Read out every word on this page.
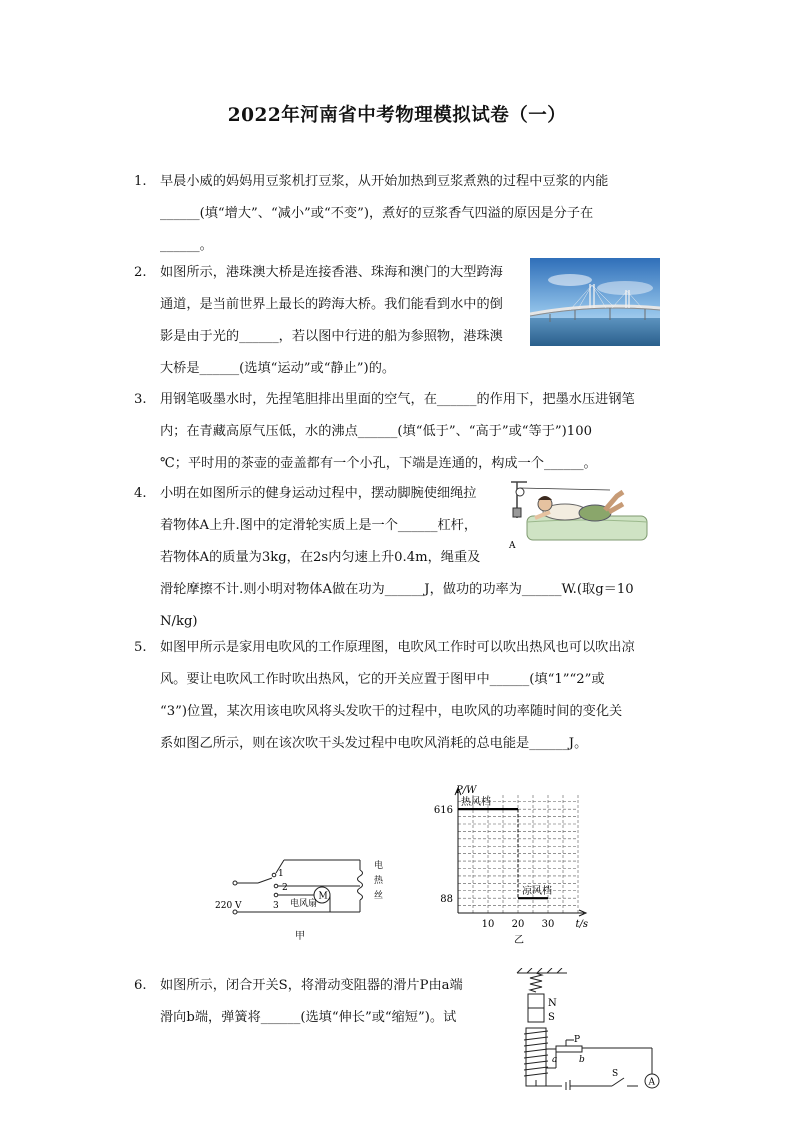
2022年河南省中考物理模拟试卷（一）
1. 早晨小威的妈妈用豆浆机打豆浆，从开始加热到豆浆煮熟的过程中豆浆的内能
______(填“增大”、“减小”或“不变”)，煮好的豆浆香气四溢的原因是分子在
______。
2. 如图所示，港珠澳大桥是连接香港、珠海和澳门的大型跨海
通道，是当前世界上最长的跨海大桥。我们能看到水中的倒
影是由于光的______，若以图中行进的船为参照物，港珠澳
大桥是______(选填“运动”或“静止”)的。
3. 用钢笔吸墨水时，先捏笔胆排出里面的空气，在______的作用下，把墨水压进钢笔
内；在青藏高原气压低，水的沸点______(填“低于”、“高于”或“等于”)100
℃；平时用的茶壶的壶盖都有一个小孔，下端是连通的，构成一个______。
4. 小明在如图所示的健身运动过程中，摆动脚腕使细绳拉
着物体A上升.图中的定滑轮实质上是一个______杠杆，
若物体A的质量为3kg，在2s内匀速上升0.4m，绳重及
滑轮摩擦不计.则小明对物体A做在功为______J，做功的功率为______W.(取g＝10
N/kg)
A
5. 如图甲所示是家用电吹风的工作原理图，电吹风工作时可以吹出热风也可以吹出凉
风。要让电吹风工作时吹出热风，它的开关应置于图甲中______(填“1”“2”或
“3”)位置，某次用该电吹风将头发吹干的过程中，电吹风的功率随时间的变化关
系如图乙所示，则在该次吹干头发过程中电吹风消耗的总电能是______J。
M
1
2
3
220 V	电风扇
电
热
丝
甲
热风档
凉风档
88
616
10 20 30
P/W
t/s
乙
6. 如图所示，闭合开关S，将滑动变阻器的滑片P由a端
滑向b端，弹簧将______(选填“伸长”或“缩短”)。试
A
N
S
P
a b
S
